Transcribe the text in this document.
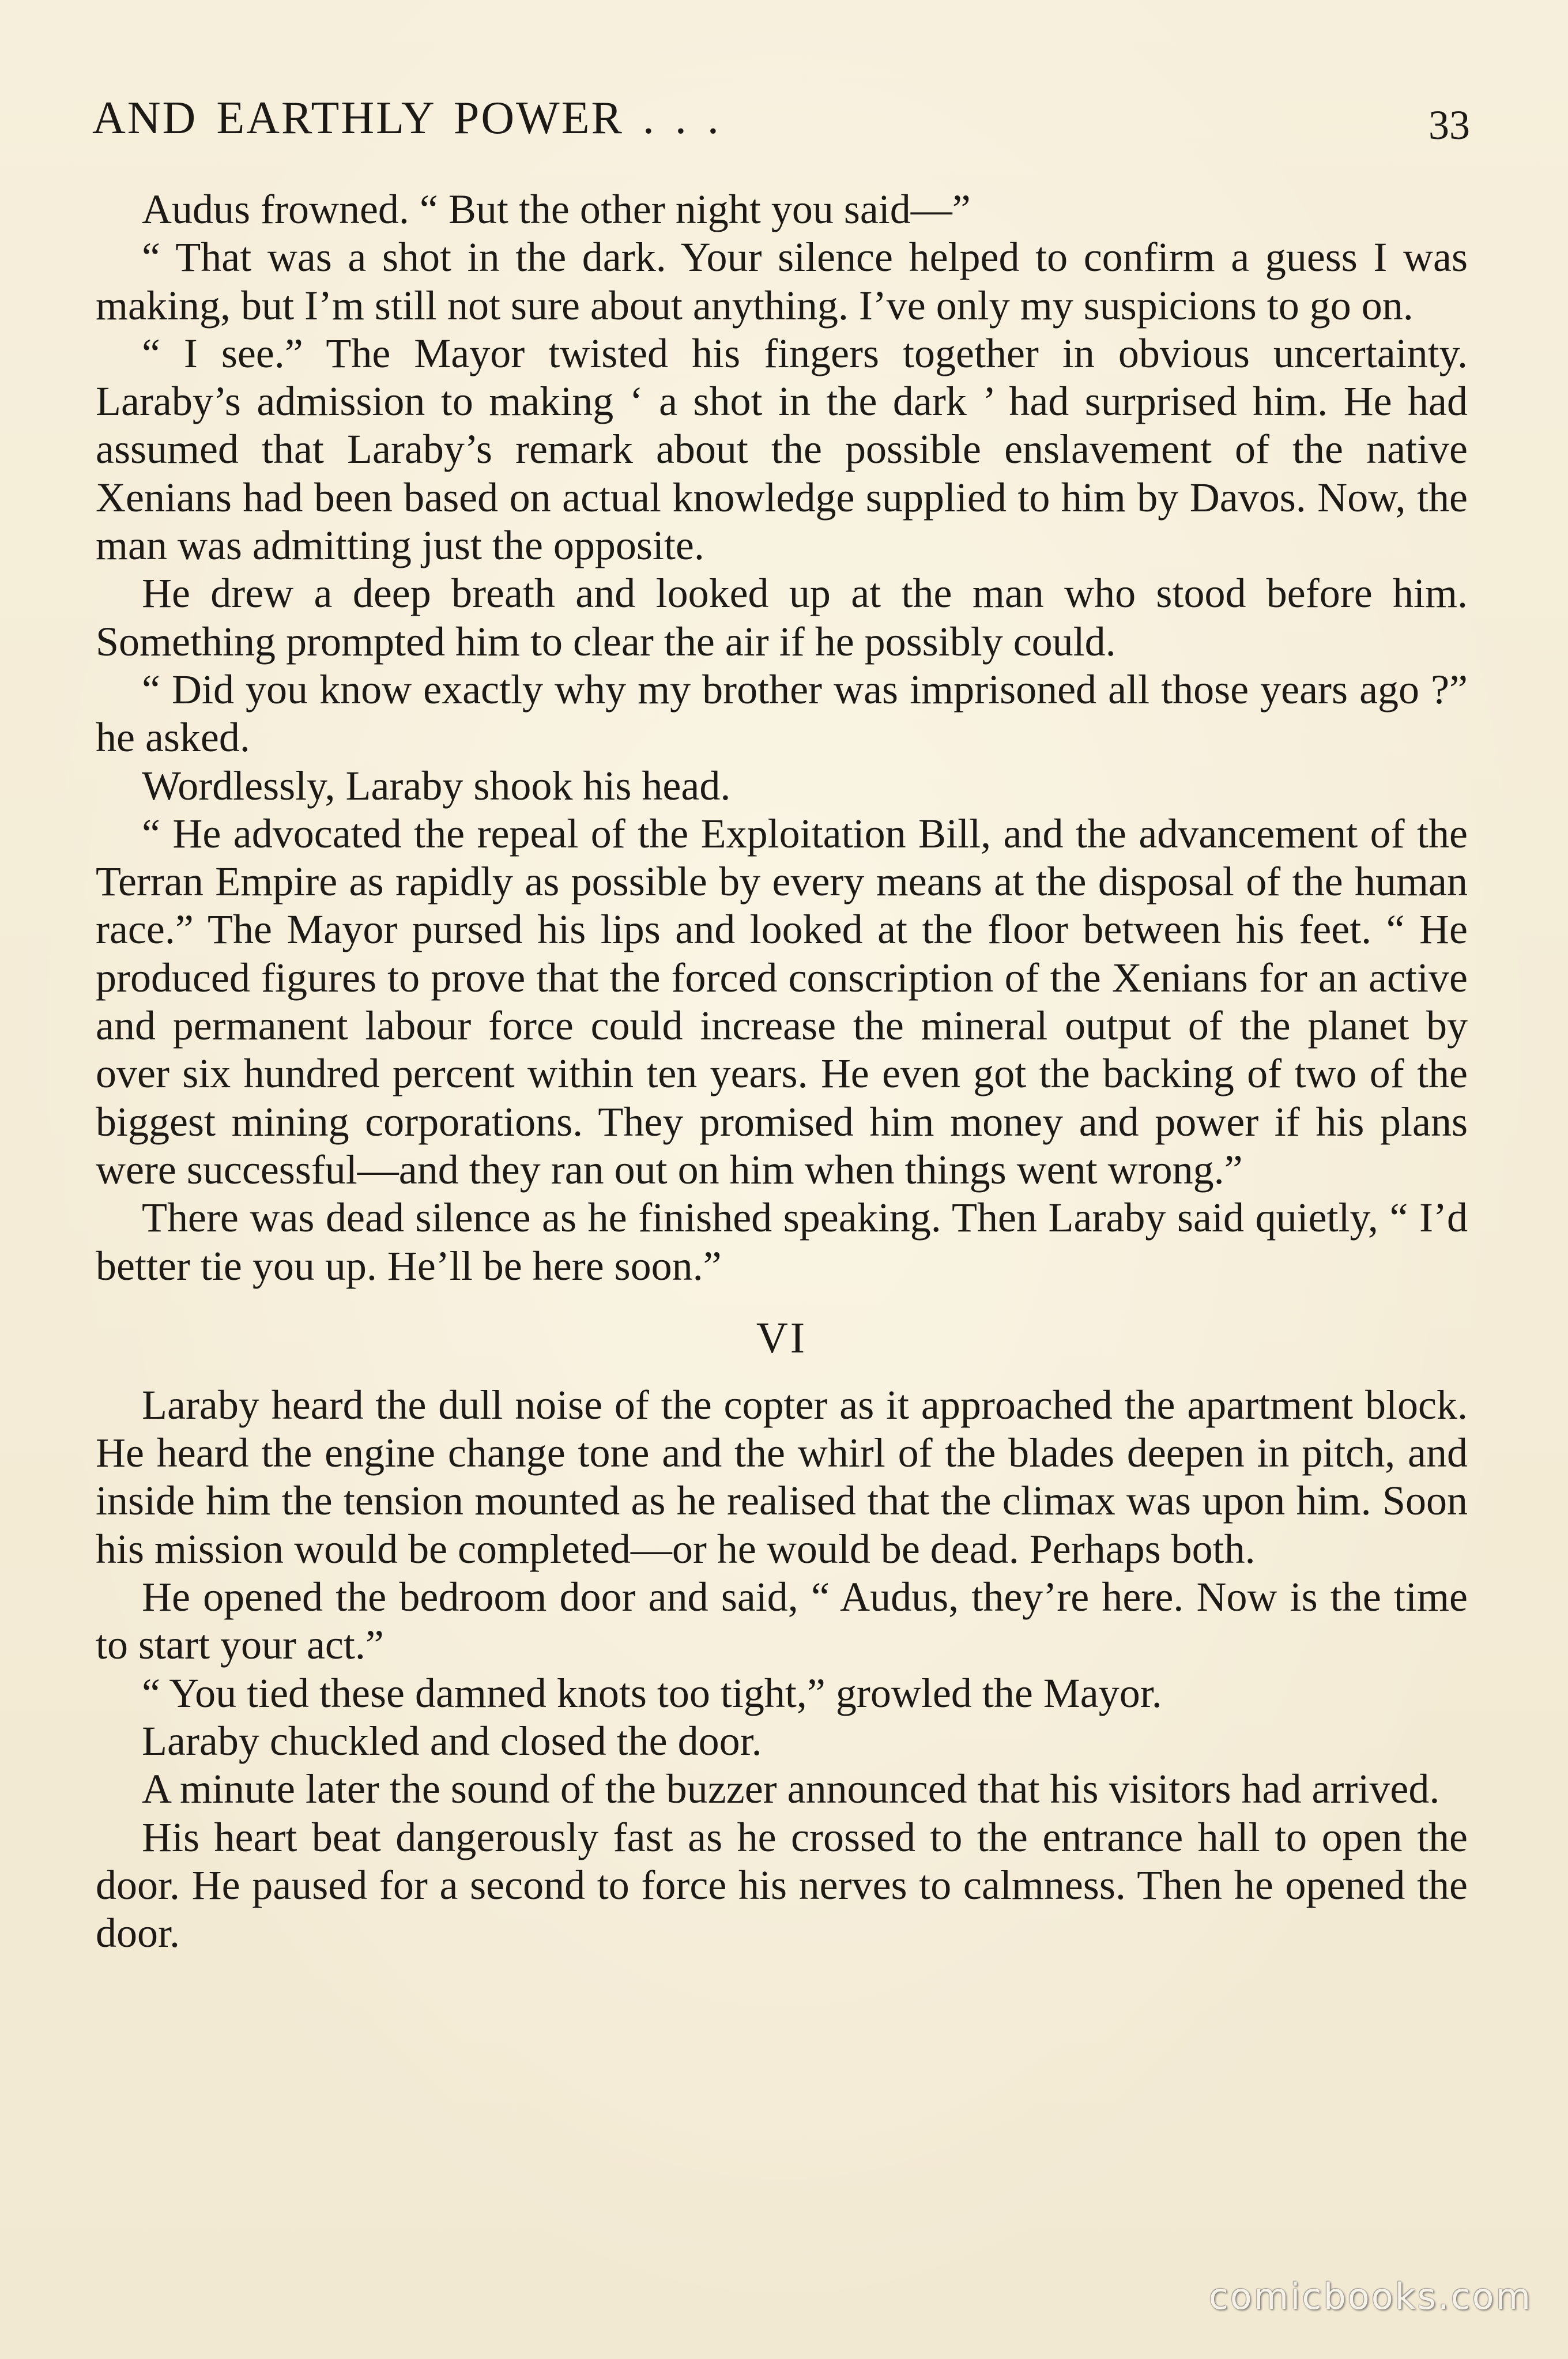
AND EARTHLY POWER . . .	33

Audus frowned. “ But the other night you said—”

“ That was a shot in the dark. Your silence helped to confirm a guess I was making, but I’m still not sure about anything. I’ve only my suspicions to go on.

“ I see.” The Mayor twisted his fingers together in obvious uncertainty. Laraby’s admission to making ‘ a shot in the dark ’ had surprised him. He had assumed that Laraby’s remark about the possible enslavement of the native Xenians had been based on actual knowledge supplied to him by Davos. Now, the man was admitting just the opposite.

He drew a deep breath and looked up at the man who stood before him. Something prompted him to clear the air if he possibly could.

“ Did you know exactly why my brother was imprisoned all those years ago ?” he asked.

Wordlessly, Laraby shook his head.

“ He advocated the repeal of the Exploitation Bill, and the advancement of the Terran Empire as rapidly as possible by every means at the disposal of the human race.” The Mayor pursed his lips and looked at the floor between his feet. “ He produced figures to prove that the forced conscription of the Xenians for an active and permanent labour force could increase the mineral output of the planet by over six hundred percent within ten years. He even got the backing of two of the biggest mining corporations. They promised him money and power if his plans were successful—and they ran out on him when things went wrong.”

There was dead silence as he finished speaking. Then Laraby said quietly, “ I’d better tie you up. He’ll be here soon.”

VI

Laraby heard the dull noise of the copter as it approached the apartment block. He heard the engine change tone and the whirl of the blades deepen in pitch, and inside him the tension mounted as he realised that the climax was upon him. Soon his mission would be completed—or he would be dead. Perhaps both.

He opened the bedroom door and said, “ Audus, they’re here. Now is the time to start your act.”

“ You tied these damned knots too tight,” growled the Mayor.

Laraby chuckled and closed the door.

A minute later the sound of the buzzer announced that his visitors had arrived.

His heart beat dangerously fast as he crossed to the entrance hall to open the door. He paused for a second to force his nerves to calmness. Then he opened the door.

comicbooks.com
